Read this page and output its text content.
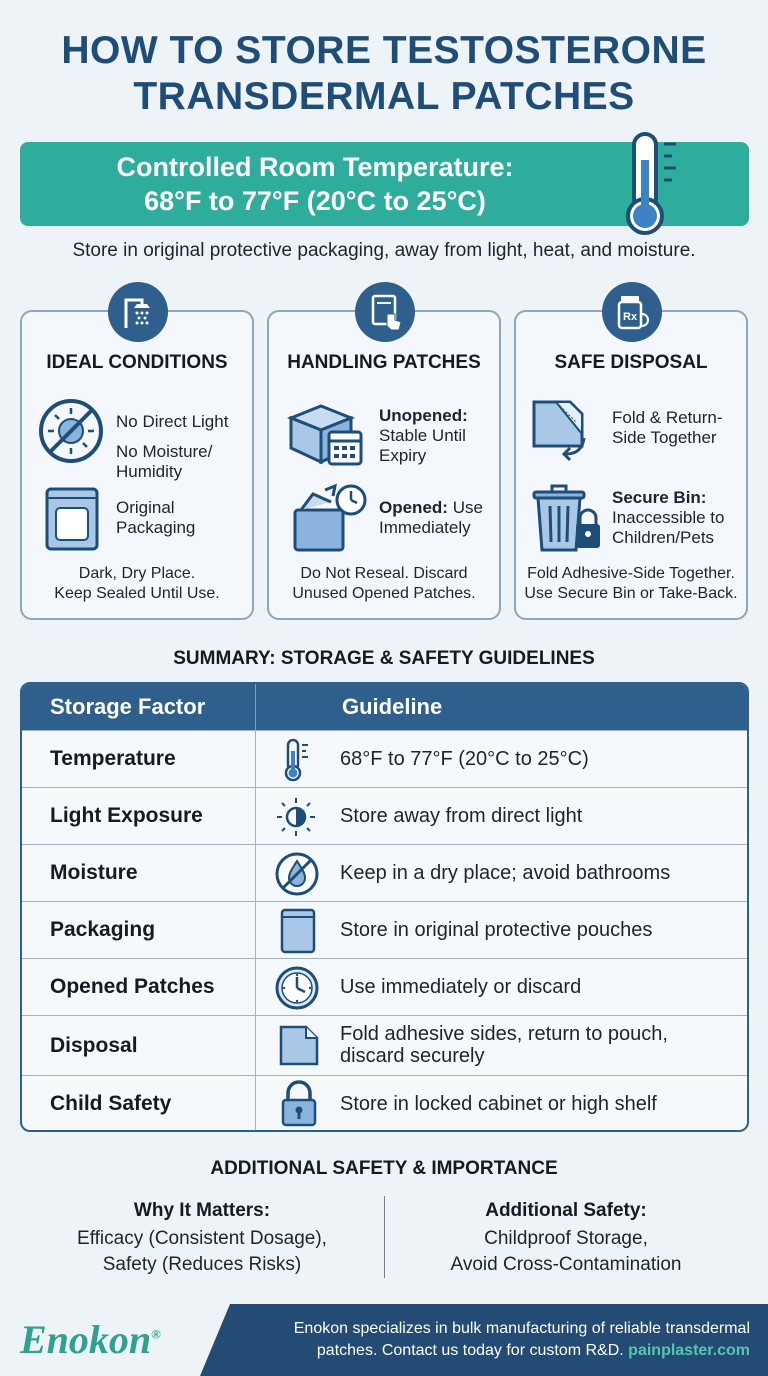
HOW TO STORE TESTOSTERONE
TRANSDERMAL PATCHES
Controlled Room Temperature:
68°F to 77°F (20°C to 25°C)
Store in original protective packaging, away from light, heat, and moisture.
IDEAL CONDITIONS
No Direct Light
No Moisture/
Humidity
Original
Packaging
Dark, Dry Place.
Keep Sealed Until Use.
HANDLING PATCHES
Unopened:
Stable Until
Expiry
Opened: Use
Immediately
Do Not Reseal. Discard
Unused Opened Patches.
Rx
SAFE DISPOSAL
Fold & Return-
Side Together
Secure Bin:
Inaccessible to
Children/Pets
Fold Adhesive-Side Together.
Use Secure Bin or Take-Back.
SUMMARY: STORAGE & SAFETY GUIDELINES
Storage Factor	Guideline
Temperature	68°F to 77°F (20°C to 25°C)
Light Exposure	Store away from direct light
Moisture	Keep in a dry place; avoid bathrooms
Packaging	Store in original protective pouches
Opened Patches	Use immediately or discard
Disposal	Fold adhesive sides, return to pouch,
discard securely
Child Safety	Store in locked cabinet or high shelf
ADDITIONAL SAFETY & IMPORTANCE
Why It Matters:
Efficacy (Consistent Dosage),
Safety (Reduces Risks)
Additional Safety:
Childproof Storage,
Avoid Cross-Contamination
Enokon®	Enokon specializes in bulk manufacturing of reliable transdermal
patches. Contact us today for custom R&D. painplaster.com
